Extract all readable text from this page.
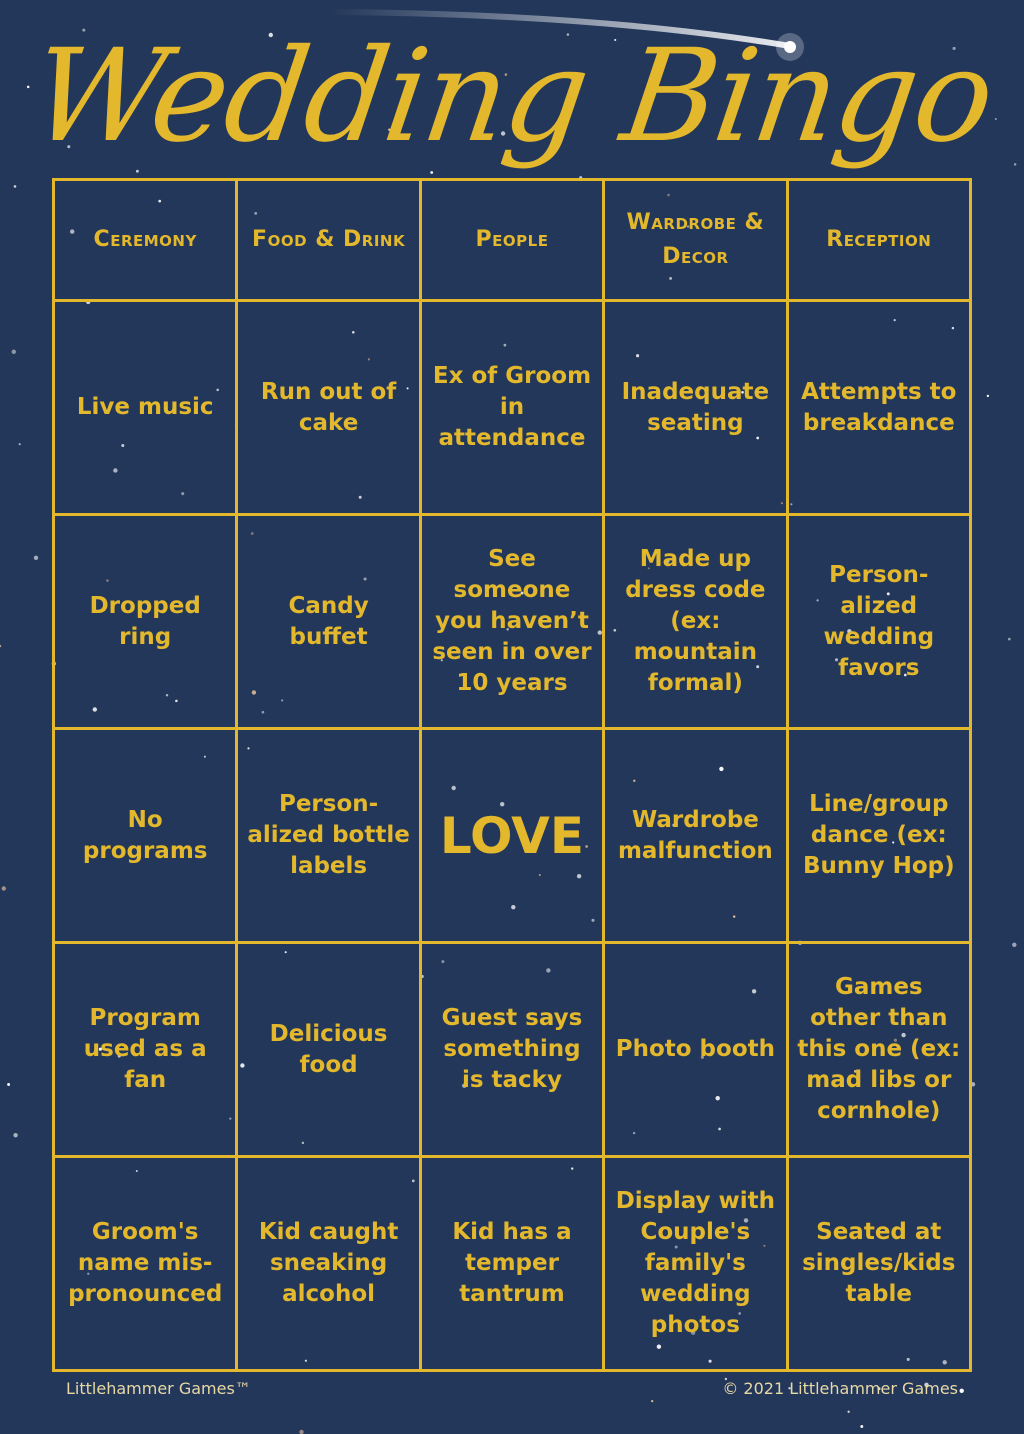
Wedding Bingo
Ceremony	Food & Drink	People	Wardrobe & Decor	Reception
Live music	Run out of cake	Ex of Groom in attendance	Inadequate seating	Attempts to breakdance
Dropped ring	Candy buffet	See someone you haven’t seen in over 10 years	Made up dress code (ex: mountain formal)	Person-alized wedding favors
No programs	Person-alized bottle labels	LOVE	Wardrobe malfunction	Line/group dance (ex: Bunny Hop)
Program used as a fan	Delicious food	Guest says something is tacky	Photo booth	Games other than this one (ex: mad libs or cornhole)
Groom's name mis-pronounced	Kid caught sneaking alcohol	Kid has a temper tantrum	Display with Couple's family's wedding photos	Seated at singles/kids table
Littlehammer Games™	© 2021 Littlehammer Games
